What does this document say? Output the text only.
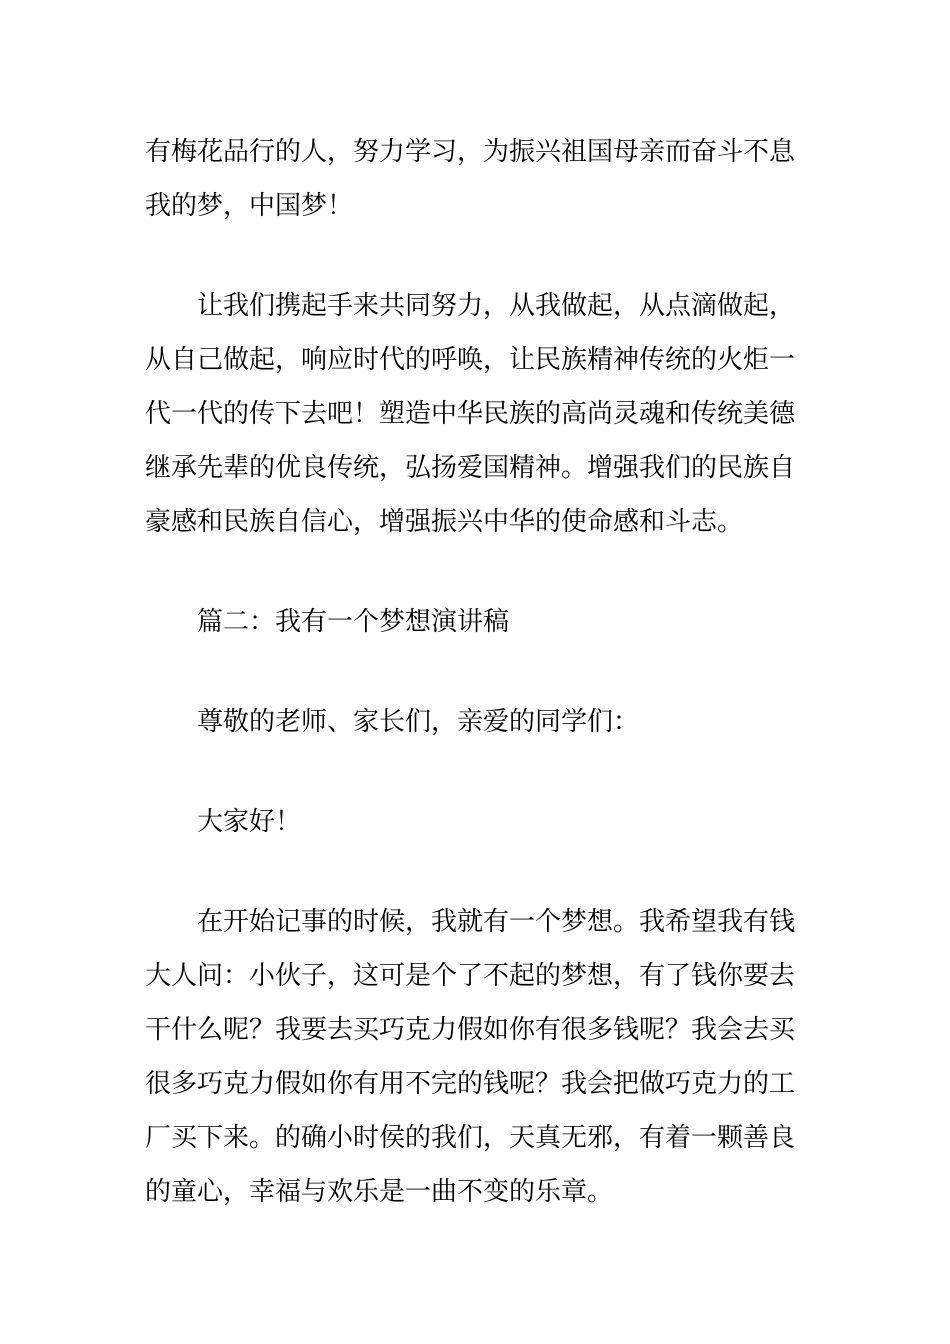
有梅花品行的人，努力学习，为振兴祖国母亲而奋斗不息
我的梦，中国梦！
让我们携起手来共同努力，从我做起，从点滴做起，
从自己做起，响应时代的呼唤，让民族精神传统的火炬一
代一代的传下去吧！塑造中华民族的高尚灵魂和传统美德
继承先辈的优良传统，弘扬爱国精神。增强我们的民族自
豪感和民族自信心，增强振兴中华的使命感和斗志。
篇二：我有一个梦想演讲稿
尊敬的老师、家长们，亲爱的同学们：
大家好！
在开始记事的时候，我就有一个梦想。我希望我有钱
大人问：小伙子，这可是个了不起的梦想，有了钱你要去
干什么呢？我要去买巧克力假如你有很多钱呢？我会去买
很多巧克力假如你有用不完的钱呢？我会把做巧克力的工
厂买下来。的确小时侯的我们，天真无邪，有着一颗善良
的童心，幸福与欢乐是一曲不变的乐章。
